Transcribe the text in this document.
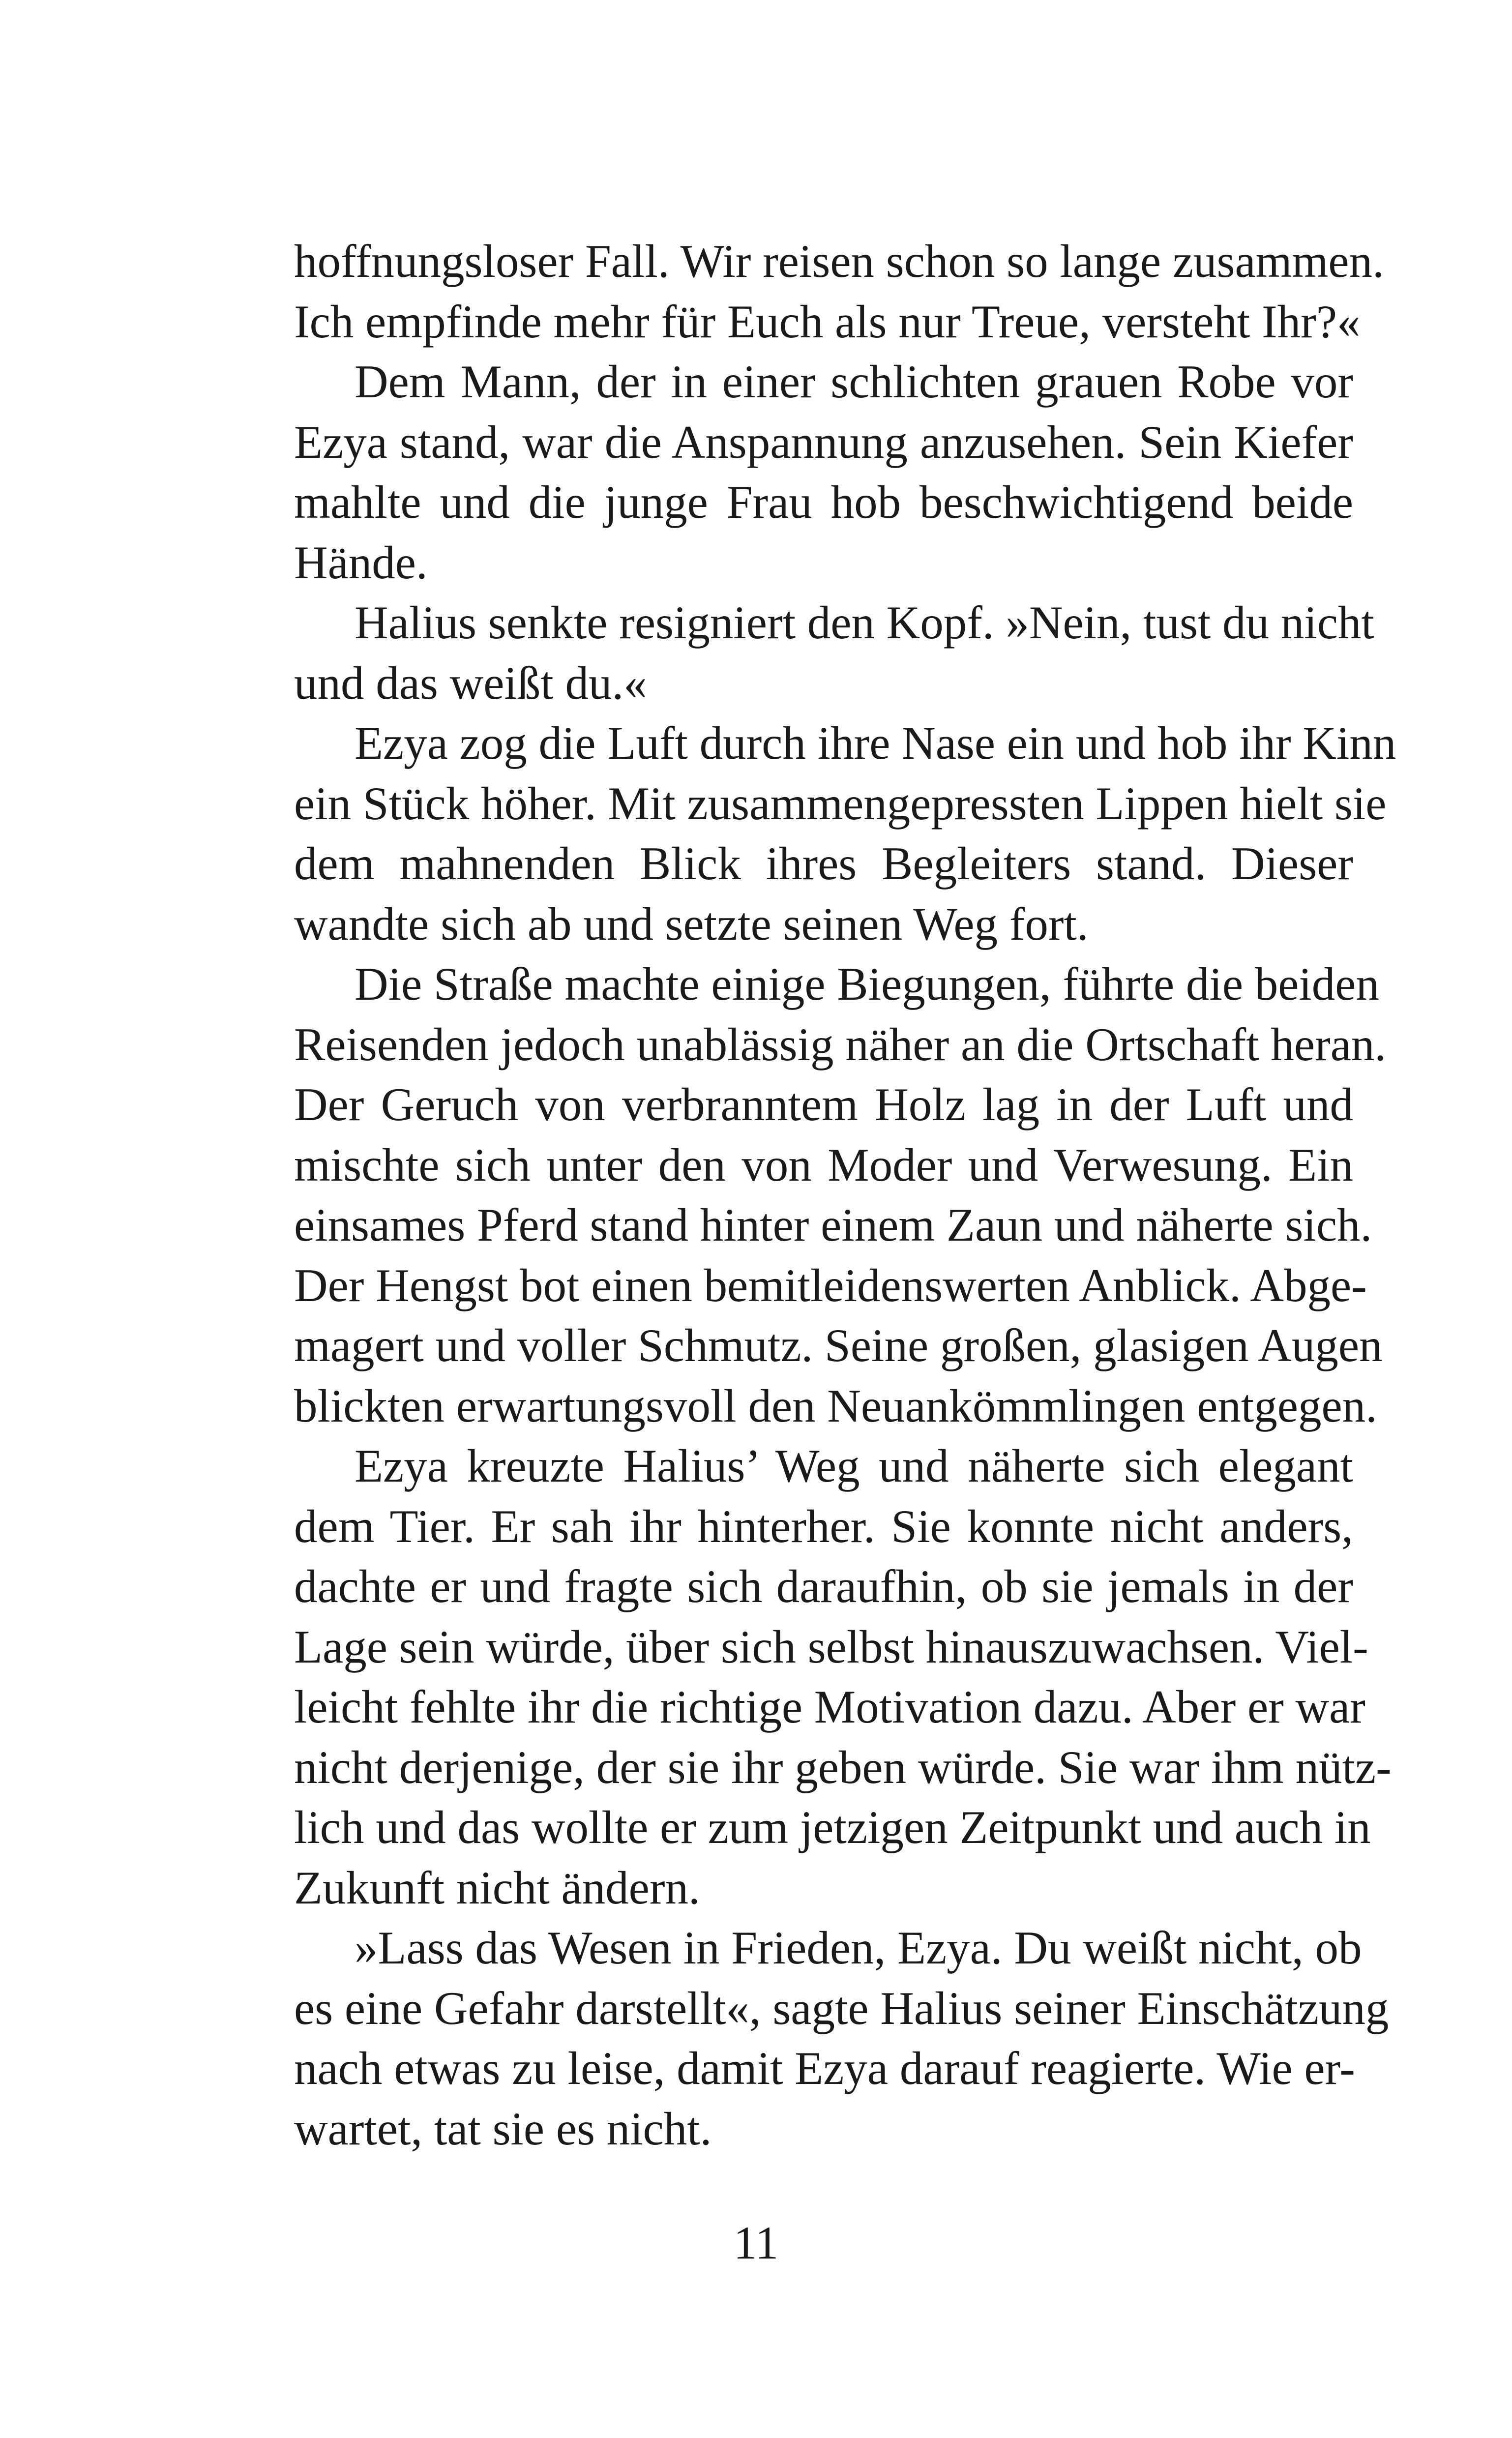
hoffnungsloser Fall. Wir reisen schon so lange zusammen.
Ich empfinde mehr für Euch als nur Treue, versteht Ihr?«
Dem Mann, der in einer schlichten grauen Robe vor
Ezya stand, war die Anspannung anzusehen. Sein Kiefer
mahlte und die junge Frau hob beschwichtigend beide
Hände.
Halius senkte resigniert den Kopf. »Nein, tust du nicht
und das weißt du.«
Ezya zog die Luft durch ihre Nase ein und hob ihr Kinn
ein Stück höher. Mit zusammengepressten Lippen hielt sie
dem mahnenden Blick ihres Begleiters stand. Dieser
wandte sich ab und setzte seinen Weg fort.
Die Straße machte einige Biegungen, führte die beiden
Reisenden jedoch unablässig näher an die Ortschaft heran.
Der Geruch von verbranntem Holz lag in der Luft und
mischte sich unter den von Moder und Verwesung. Ein
einsames Pferd stand hinter einem Zaun und näherte sich.
Der Hengst bot einen bemitleidenswerten Anblick. Abge-
magert und voller Schmutz. Seine großen, glasigen Augen
blickten erwartungsvoll den Neuankömmlingen entgegen.
Ezya kreuzte Halius’ Weg und näherte sich elegant
dem Tier. Er sah ihr hinterher. Sie konnte nicht anders,
dachte er und fragte sich daraufhin, ob sie jemals in der
Lage sein würde, über sich selbst hinauszuwachsen. Viel-
leicht fehlte ihr die richtige Motivation dazu. Aber er war
nicht derjenige, der sie ihr geben würde. Sie war ihm nütz-
lich und das wollte er zum jetzigen Zeitpunkt und auch in
Zukunft nicht ändern.
»Lass das Wesen in Frieden, Ezya. Du weißt nicht, ob
es eine Gefahr darstellt«, sagte Halius seiner Einschätzung
nach etwas zu leise, damit Ezya darauf reagierte. Wie er-
wartet, tat sie es nicht.
11
